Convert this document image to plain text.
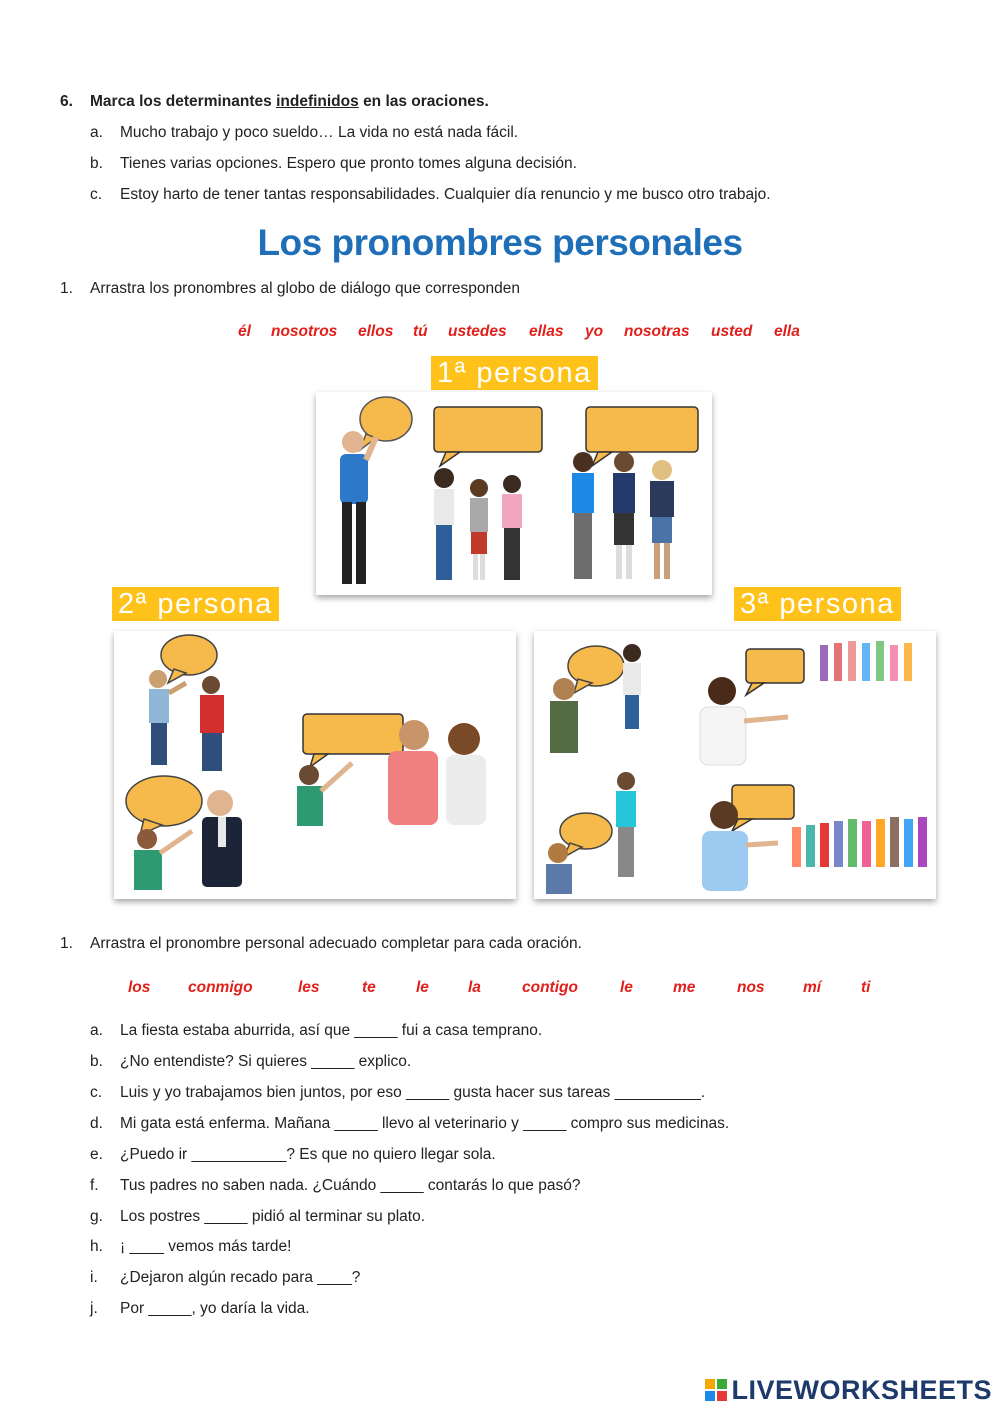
6. Marca los determinantes indefinidos en las oraciones.
a. Mucho trabajo y poco sueldo… La vida no está nada fácil.
b. Tienes varias opciones. Espero que pronto tomes alguna decisión.
c. Estoy harto de tener tantas responsabilidades. Cualquier día renuncio y me busco otro trabajo.
Los pronombres personales
1. Arrastra los pronombres al globo de diálogo que corresponden
él nosotros ellos tú ustedes ellas yo nosotras usted ella
1ª persona
2ª persona	3ª persona
1. Arrastra el pronombre personal adecuado completar para cada oración.
los conmigo	les	te	le	la	contigo	le	me	nos mí	ti
a. La fiesta estaba aburrida, así que _____ fui a casa temprano.
b. ¿No entendiste? Si quieres _____ explico.
c. Luis y yo trabajamos bien juntos, por eso _____ gusta hacer sus tareas __________.
d. Mi gata está enferma. Mañana _____ llevo al veterinario y _____ compro sus medicinas.
e. ¿Puedo ir ___________? Es que no quiero llegar sola.
f. Tus padres no saben nada. ¿Cuándo _____ contarás lo que pasó?
g. Los postres _____ pidió al terminar su plato.
h. ¡ ____ vemos más tarde!
i. ¿Dejaron algún recado para ____?
j. Por _____, yo daría la vida.
LIVEWORKSHEETS
